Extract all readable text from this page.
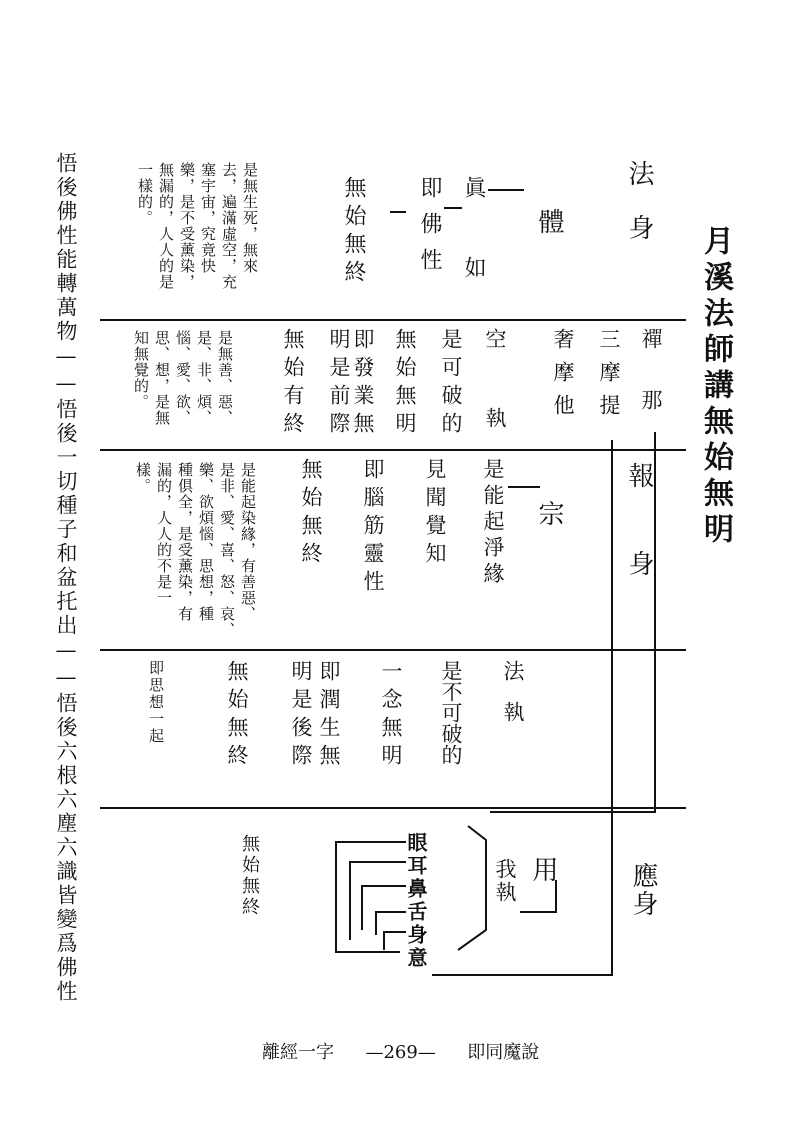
月溪法師講無始無明
悟後佛性能轉萬物——悟後一切種子和盆托出——悟後六根六塵六識皆變爲佛性	法身
報身
應身
體
宗
用
眞
如
即佛性
無始無終
是無生死，無來
去，遍滿虛空，充
塞宇宙，究竟快
樂，是不受薰染，
無漏的，人人的是
一樣的。
禪那
三摩提
奢摩他
空執
是可破的
無始無明
即發業無
明是前際
無始有終
是無善、惡、
是、非、煩、
惱、愛、欲、
思、想，是無
知無覺的。
是能起淨緣
見聞覺知
即腦筋靈性
無始無終
是能起染緣，有善惡、
是非、愛、喜、怒、哀、
樂、欲煩惱、思想，種
種俱全，是受薰染，有
漏的，人人的不是一
樣。
法執
是不可破的
一念無明
即潤生無
明是後際
無始無終
即思想一起
我執
眼耳鼻舌身意
無始無終
離經一字 —269— 即同魔說
